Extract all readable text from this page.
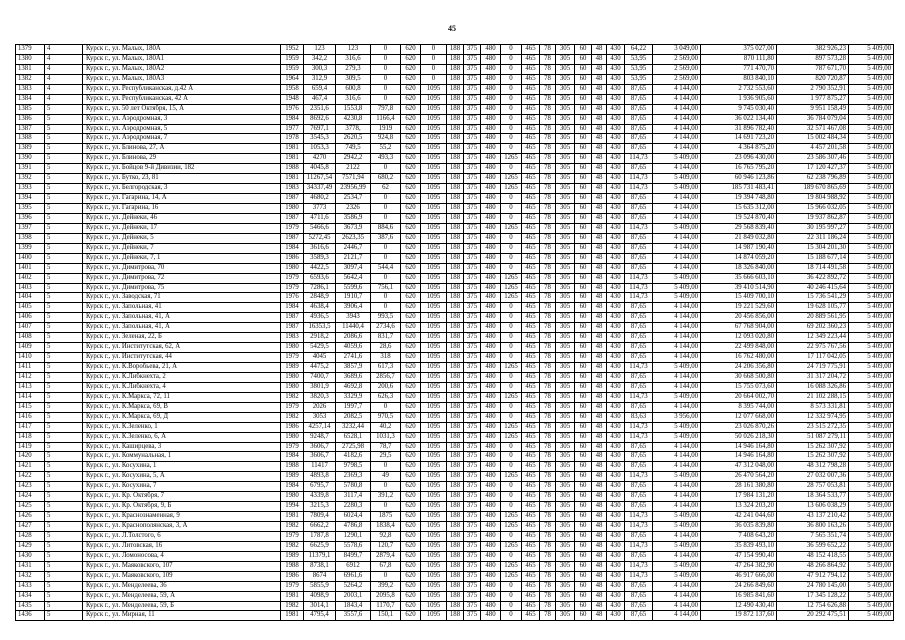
45
1379	4	Курск г., ул. Малых, 180А	1952	123	123	0	620	0	188	375	480	0	465	78	305	60	48	430	64,22	3 049,00	375 027,00	382 926,23	5 409,00
1380	4	Курск г., ул. Малых, 180А1	1959	342,2	316,6	0	620	0	188	375	480	0	465	78	305	60	48	430	53,95	2 569,00	870 111,80	897 573,28	5 409,00
1381	4	Курск г., ул. Малых, 180А2	1959	300,3	279,3	0	620	0	188	375	480	0	465	78	305	60	48	430	53,95	2 569,00	771 470,70	787 671,70	5 409,00
1382	4	Курск г., ул. Малых, 180А3	1964	312,9	309,5	0	620	0	188	375	480	0	465	78	305	60	48	430	53,95	2 569,00	803 840,10	820 720,87	5 409,00
1383	4	Курск г., ул. Республиканская, д.42 А	1958	659,4	600,8	0	620	1095	188	375	480	0	465	78	305	60	48	430	87,65	4 144,00	2 732 553,60	2 790 352,91	5 409,00
1384	4	Курск г., ул. Республиканская, 42 А	1948	467,4	316,6	0	620	1095	188	375	480	0	465	78	305	60	48	430	87,65	4 144,00	1 936 905,60	1 977 875,27	5 409,00
1385	5	Курск г., ул. 50 лет Октября, 15, А	1976	2351,6	1553,8	797,8	620	1095	188	375	480	0	465	78	305	60	48	430	87,65	4 144,00	9 745 030,40	9 951 158,49	5 409,00
1386	5	Курск г., ул. Аэродромная, 3	1984	8692,6	4230,8	1166,4	620	1095	188	375	480	0	465	78	305	60	48	430	87,65	4 144,00	36 022 134,40	36 784 079,04	5 409,00
1387	5	Курск г., ул. Аэродромная, 5	1977	7697,1	3778,	1919	620	1095	188	375	480	0	465	78	305	60	48	430	87,65	4 144,00	31 896 782,40	32 571 467,08	5 409,00
1388	5	Курск г., ул. Аэродромная, 7	1978	3545,3	2620,5	924,8	620	1095	188	375	480	0	465	78	305	60	48	430	87,65	4 144,00	14 691 723,20	15 002 484,34	5 409,00
1389	5	Курск г., ул. Блинова, 27, А	1981	1053,3	749,5	55,2	620	1095	188	375	480	0	465	78	305	60	48	430	87,65	4 144,00	4 364 875,20	4 457 201,58	5 409,00
1390	5	Курск г., ул. Блинова, 29	1981	4270	2942,2	493,3	620	1095	188	375	480	1265	465	78	305	60	48	430	114,73	5 409,00	23 096 430,00	23 586 307,46	5 409,00
1391	5	Курск г., ул. Бойцов 9-й Дивизии, 182	1988	4045,8	2122	0	620	1095	188	375	480	0	465	78	305	60	48	430	87,65	4 144,00	16 765 795,20	17 120 427,37	5 409,00
1392	5	Курск г., ул. Бутко, 23, 81	1981	11267,54	7571,94	680,2	620	1095	188	375	480	1265	465	78	305	60	48	430	114,73	5 409,00	60 946 123,86	62 238 796,89	5 409,00
1393	5	Курск г., ул. Белгородская, 3	1983	34337,49	23956,99	62	620	1095	188	375	480	1265	465	78	305	60	48	430	114,73	5 409,00	185 731 483,41	189 670 865,69	5 409,00
1394	5	Курск г., ул. Гагарина, 14, А	1987	4680,2	2534,7	0	620	1095	188	375	480	0	465	78	305	60	48	430	87,65	4 144,00	19 394 748,80	19 804 988,92	5 409,00
1395	5	Курск г., ул. Гагарина, 16	1980	3773	2326	0	620	1095	188	375	480	0	465	78	305	60	48	430	87,65	4 144,00	15 635 312,00	15 966 032,05	5 409,00
1396	5	Курск г., ул. Дейнеки, 46	1987	4711,6	3586,9	0	620	1095	188	375	480	0	465	78	305	60	48	430	87,65	4 144,00	19 524 870,40	19 937 862,87	5 409,00
1397	5	Курск г., ул. Дейнеки, 17	1979	5466,6	3673,9	884,6	620	1095	188	375	480	1265	465	78	305	60	48	430	114,73	5 409,00	29 568 839,40	30 195 997,27	5 409,00
1398	5	Курск г., ул. Дейнеки, 5	1987	5272,45	2623,35	387,6	620	1095	188	375	480	0	465	78	305	60	48	430	87,65	4 144,00	21 849 032,80	22 311 186,24	5 409,00
1399	5	Курск г., ул. Дейнеки, 7	1984	3616,6	2446,7	0	620	1095	188	375	480	0	465	78	305	60	48	430	87,65	4 144,00	14 987 190,40	15 304 201,30	5 409,00
1400	5	Курск г., ул. Дейнеки, 7, 1	1986	3589,3	2121,7	0	620	1095	188	375	480	0	465	78	305	60	48	430	87,65	4 144,00	14 874 059,20	15 188 677,14	5 409,00
1401	5	Курск г., ул. Димитрова, 70	1980	4422,5	3097,4	544,4	620	1095	188	375	480	0	465	78	305	60	48	430	87,65	4 144,00	18 326 840,00	18 714 491,58	5 409,00
1402	5	Курск г., ул. Димитрова, 72	1979	6593,6	5642,4	0	620	1095	188	375	480	1265	465	78	305	60	48	430	114,73	5 409,00	35 666 603,10	36 422 892,72	5 409,00
1403	5	Курск г., ул. Димитрова, 75	1979	7286,1	5599,6	756,1	620	1095	188	375	480	1265	465	78	305	60	48	430	114,73	5 409,00	39 410 514,90	40 246 415,64	5 409,00
1404	5	Курск г., ул. Заводская, 71	1976	2848,9	1910,7	0	620	1095	188	375	480	1265	465	78	305	60	48	430	114,73	5 409,00	15 409 700,10	15 736 541,29	5 409,00
1405	5	Курск г., ул. Запольная, 41	1984	4638,4	3906,4	0	620	1095	188	375	480	0	465	78	305	60	48	430	87,65	4 144,00	19 221 529,60	19 628 105,77	5 409,00
1406	5	Курск г., ул. Запольная, 41, А	1987	4936,5	3943	993,5	620	1095	188	375	480	0	465	78	305	60	48	430	87,65	4 144,00	20 456 856,00	20 889 561,95	5 409,00
1407	5	Курск г., ул. Запольная, 41, А	1987	16353,5	11440,4	2734,6	620	1095	188	375	480	0	465	78	305	60	48	430	87,65	4 144,00	67 768 904,00	69 202 360,23	5 409,00
1408	5	Курск г., ул. Зеленая, 22, Б	1983	2918,2	2086,6	831,7	620	1095	188	375	480	0	465	78	305	60	48	430	87,65	4 144,00	12 093 020,80	12 349 223,44	5 409,00
1409	5	Курск г., ул. Институтская, 62, А	1980	5429,5	4059,6	28,6	620	1095	188	375	480	0	465	78	305	60	48	430	87,65	4 144,00	22 499 848,00	22 975 767,56	5 409,00
1410	5	Курск г., ул. Институтская, 44	1979	4045	2741,6	318	620	1095	188	375	480	0	465	78	305	60	48	430	87,65	4 144,00	16 762 480,00	17 117 042,05	5 409,00
1411	5	Курск г., ул. К.Воробьева, 21, А	1989	4475,2	3857,9	617,3	620	1095	188	375	480	1265	465	78	305	60	48	430	114,73	5 409,00	24 206 356,80	24 719 775,91	5 409,00
1412	5	Курск г., ул. К.Либкнехта, 2	1980	7400,7	3689,6	2856,7	620	1095	188	375	480	0	465	78	305	60	48	430	87,65	4 144,00	30 668 500,80	31 317 204,72	5 409,00
1413	5	Курск г., ул. К.Либкнехта, 4	1980	3801,9	4692,8	200,6	620	1095	188	375	480	0	465	78	305	60	48	430	87,65	4 144,00	15 755 073,60	16 088 326,86	5 409,00
1414	5	Курск г., ул. К.Маркса, 72, 11	1982	3820,3	3329,9	626,3	620	1095	188	375	480	1265	465	78	305	60	48	430	114,73	5 409,00	20 664 002,70	21 102 288,15	5 409,00
1415	5	Курск г., ул. К.Маркса, 69, В	1979	2026	1997,7	0	620	1095	188	375	480	0	465	78	305	60	48	430	87,65	4 144,00	8 395 744,00	8 573 331,81	5 409,00
1416	5	Курск г., ул. К.Маркса, 69, Д	1982	3053	2082,5	970,5	620	1095	188	375	480	0	465	78	305	60	48	430	83,63	3 956,00	12 077 668,00	12 332 974,95	5 409,00
1417	5	Курск г., ул. К.Зеленко, 1	1986	4257,14	3232,44	40,2	620	1095	188	375	480	1265	465	78	305	60	48	430	114,73	5 409,00	23 026 870,26	23 515 272,35	5 409,00
1418	5	Курск г., ул. К.Зеленко, 6, А	1980	9248,7	6528,1	1031,3	620	1095	188	375	480	1265	465	78	305	60	48	430	114,73	5 409,00	50 026 218,30	51 087 279,11	5 409,00
1419	5	Курск г., ул. Каширцева, 3	1979	3606,7	2725,98	78,7	620	1095	188	375	480	0	465	78	305	60	48	430	87,65	4 144,00	14 946 164,80	15 262 307,92	5 409,00
1420	5	Курск г., ул. Коммунальная, 1	1984	3606,7	4182,6	29,5	620	1095	188	375	480	0	465	78	305	60	48	430	87,65	4 144,00	14 946 164,80	15 262 307,92	5 409,00
1421	5	Курск г., ул. Косухина, 1	1988	11417	9798,5	0	620	1095	188	375	480	0	465	78	305	60	48	430	87,65	4 144,00	47 312 048,00	48 312 798,28	5 409,00
1422	5	Курск г., ул. Косухина, 5, А	1989	4893,8	2369,3	49	620	1095	188	375	480	1265	465	78	305	60	48	430	114,73	5 409,00	26 470 564,20	27 032 007,36	5 409,00
1423	5	Курск г., ул. Косухина, 7	1984	6795,7	5780,8	0	620	1095	188	375	480	0	465	78	305	60	48	430	87,65	4 144,00	28 161 380,80	28 757 053,81	5 409,00
1424	5	Курск г., ул. Кр. Октября, 7	1980	4339,8	3117,4	391,2	620	1095	188	375	480	0	465	78	305	60	48	430	87,65	4 144,00	17 984 131,20	18 364 533,77	5 409,00
1425	5	Курск г., ул. Кр. Октября, 9, Б	1994	3215,3	2280,3	0	620	1095	188	375	480	0	465	78	305	60	48	430	87,65	4 144,00	13 324 203,20	13 606 038,29	5 409,00
1426	5	Курск г., ул. Краснознаменная, 9	1981	7809,4	6024,4	1875	620	1095	188	375	480	1265	465	78	305	60	48	430	114,73	5 409,00	42 241 044,60	43 137 210,42	5 409,00
1427	5	Курск г., ул. Краснополянская, 3, А	1982	6662,2	4786,8	1838,4	620	1095	188	375	480	1265	465	78	305	60	48	430	114,73	5 409,00	36 035 839,80	36 800 163,26	5 409,00
1428	5	Курск г., ул. Л.Толстого, 6	1979	1787,8	1290,1	92,8	620	1095	188	375	480	0	465	78	305	60	48	430	87,65	4 144,00	7 408 643,20	7 565 351,74	5 409,00
1429	5	Курск г., ул. Литовская, 16	1982	6625,9	5578,6	120,7	620	1095	188	375	480	1265	465	78	305	60	48	430	114,73	5 409,00	35 839 493,10	36 599 652,22	5 409,00
1430	5	Курск г., ул. Ломоносова, 4	1989	11379,1	8499,7	2879,4	620	1095	188	375	480	0	465	78	305	60	48	430	87,65	4 144,00	47 154 990,40	48 152 418,55	5 409,00
1431	5	Курск г., ул. Маяковского, 107	1988	8738,1	6912	67,8	620	1095	188	375	480	1265	465	78	305	60	48	430	114,73	5 409,00	47 264 382,90	48 266 864,92	5 409,00
1432	5	Курск г., ул. Маяковского, 109	1986	8674	6961,6	0	620	1095	188	375	480	1265	465	78	305	60	48	430	114,73	5 409,00	46 917 666,00	47 912 794,12	5 409,00
1433	5	Курск г., ул. Менделеева, 36	1979	5855,9	5264,2	399,2	620	1095	188	375	480	0	465	78	305	60	48	430	87,65	4 144,00	24 266 849,60	24 780 145,00	5 409,00
1434	5	Курск г., ул. Менделеева, 59, А	1981	4098,9	2003,1	2095,8	620	1095	188	375	480	0	465	78	305	60	48	430	87,65	4 144,00	16 985 841,60	17 345 128,22	5 409,00
1435	5	Курск г., ул. Менделеева, 59, Б	1982	3014,1	1843,4	1170,7	620	1095	188	375	480	0	465	78	305	60	48	430	87,65	4 144,00	12 490 430,40	12 754 626,88	5 409,00
1436	5	Курск г., ул. Мирная, 11	1981	4795,4	3557,6	150,1	620	1095	188	375	480	0	465	78	305	60	48	430	87,65	4 144,00	19 872 137,60	20 292 475,51	5 409,00
